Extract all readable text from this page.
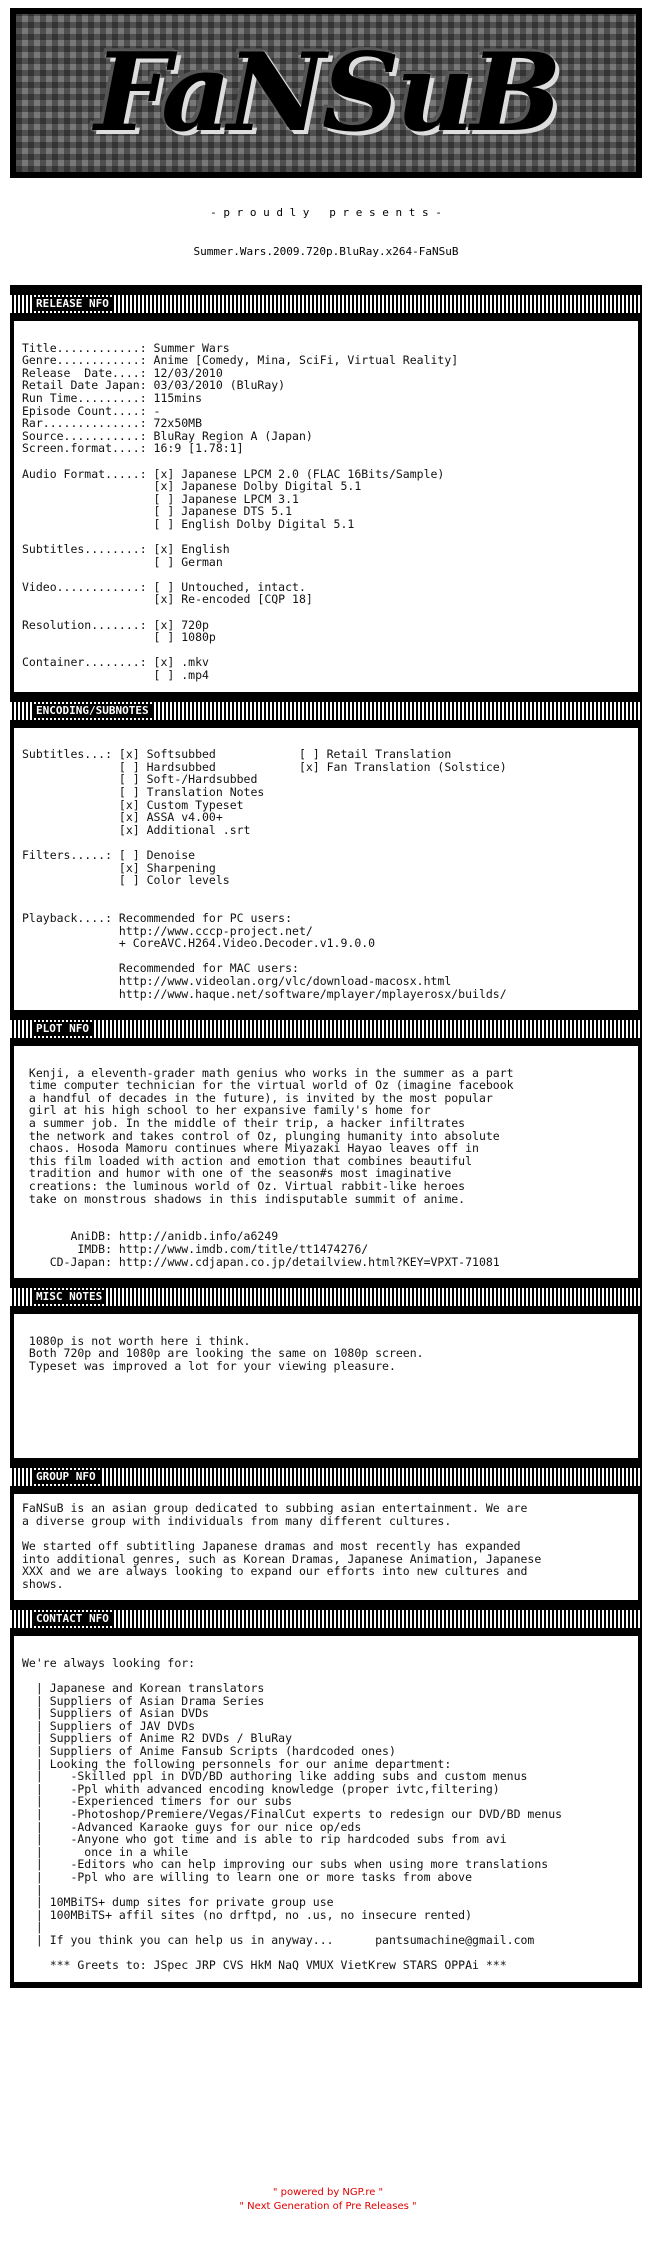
FaNSuB

- p r o u d l y   p r e s e n t s -

Summer.Wars.2009.720p.BluRay.x264-FaNSuB

RELEASE NFO

Title............: Summer Wars
Genre............: Anime [Comedy, Mina, SciFi, Virtual Reality]
Release  Date....: 12/03/2010
Retail Date Japan: 03/03/2010 (BluRay)
Run Time.........: 115mins
Episode Count....: -
Rar..............: 72x50MB
Source...........: BluRay Region A (Japan)
Screen.format....: 16:9 [1.78:1]

Audio Format.....: [x] Japanese LPCM 2.0 (FLAC 16Bits/Sample)
[x] Japanese Dolby Digital 5.1
[ ] Japanese LPCM 3.1
[ ] Japanese DTS 5.1
[ ] English Dolby Digital 5.1

Subtitles........: [x] English
[ ] German

Video............: [ ] Untouched, intact.
[x] Re-encoded [CQP 18]

Resolution.......: [x] 720p
[ ] 1080p

Container........: [x] .mkv
[ ] .mp4
ENCODING/SUBNOTES

Subtitles...: [x] Softsubbed            [ ] Retail Translation
[ ] Hardsubbed            [x] Fan Translation (Solstice)
[ ] Soft-/Hardsubbed
[ ] Translation Notes
[x] Custom Typeset
[x] ASSA v4.00+
[x] Additional .srt

Filters.....: [ ] Denoise
[x] Sharpening
[ ] Color levels

Playback....: Recommended for PC users:
http://www.cccp-project.net/
+ CoreAVC.H264.Video.Decoder.v1.9.0.0

Recommended for MAC users:
http://www.videolan.org/vlc/download-macosx.html
http://www.haque.net/software/mplayer/mplayerosx/builds/
PLOT NFO

Kenji, a eleventh-grader math genius who works in the summer as a part
time computer technician for the virtual world of Oz (imagine facebook
a handful of decades in the future), is invited by the most popular
girl at his high school to her expansive family's home for
a summer job. In the middle of their trip, a hacker infiltrates
the network and takes control of Oz, plunging humanity into absolute
chaos. Hosoda Mamoru continues where Miyazaki Hayao leaves off in
this film loaded with action and emotion that combines beautiful
tradition and humor with one of the season#s most imaginative
creations: the luminous world of Oz. Virtual rabbit-like heroes
take on monstrous shadows in this indisputable summit of anime.

AniDB: http://anidb.info/a6249
IMDB: http://www.imdb.com/title/tt1474276/
CD-Japan: http://www.cdjapan.co.jp/detailview.html?KEY=VPXT-71081
MISC NOTES

1080p is not worth here i think.
Both 720p and 1080p are looking the same on 1080p screen.
Typeset was improved a lot for your viewing pleasure.

GROUP NFO
FaNSuB is an asian group dedicated to subbing asian entertainment. We are
a diverse group with individuals from many different cultures.

We started off subtitling Japanese dramas and most recently has expanded
into additional genres, such as Korean Dramas, Japanese Animation, Japanese
XXX and we are always looking to expand our efforts into new cultures and
shows.
CONTACT NFO

We're always looking for:

| Japanese and Korean translators
| Suppliers of Asian Drama Series
| Suppliers of Asian DVDs
| Suppliers of JAV DVDs
| Suppliers of Anime R2 DVDs / BluRay
| Suppliers of Anime Fansub Scripts (hardcoded ones)
| Looking the following personnels for our anime department:
|    -Skilled ppl in DVD/BD authoring like adding subs and custom menus
|    -Ppl whith advanced encoding knowledge (proper ivtc,filtering)
|    -Experienced timers for our subs
|    -Photoshop/Premiere/Vegas/FinalCut experts to redesign our DVD/BD menus
|    -Advanced Karaoke guys for our nice op/eds
|    -Anyone who got time and is able to rip hardcoded subs from avi
|      once in a while
|    -Editors who can help improving our subs when using more translations
|    -Ppl who are willing to learn one or more tasks from above
|
| 10MBiTS+ dump sites for private group use
| 100MBiTS+ affil sites (no drftpd, no .us, no insecure rented)
|
| If you think you can help us in anyway...      pantsumachine@gmail.com

*** Greets to: JSpec JRP CVS HkM NaQ VMUX VietKrew STARS OPPAi ***
" powered by NGP.re "
" Next Generation of Pre Releases "
